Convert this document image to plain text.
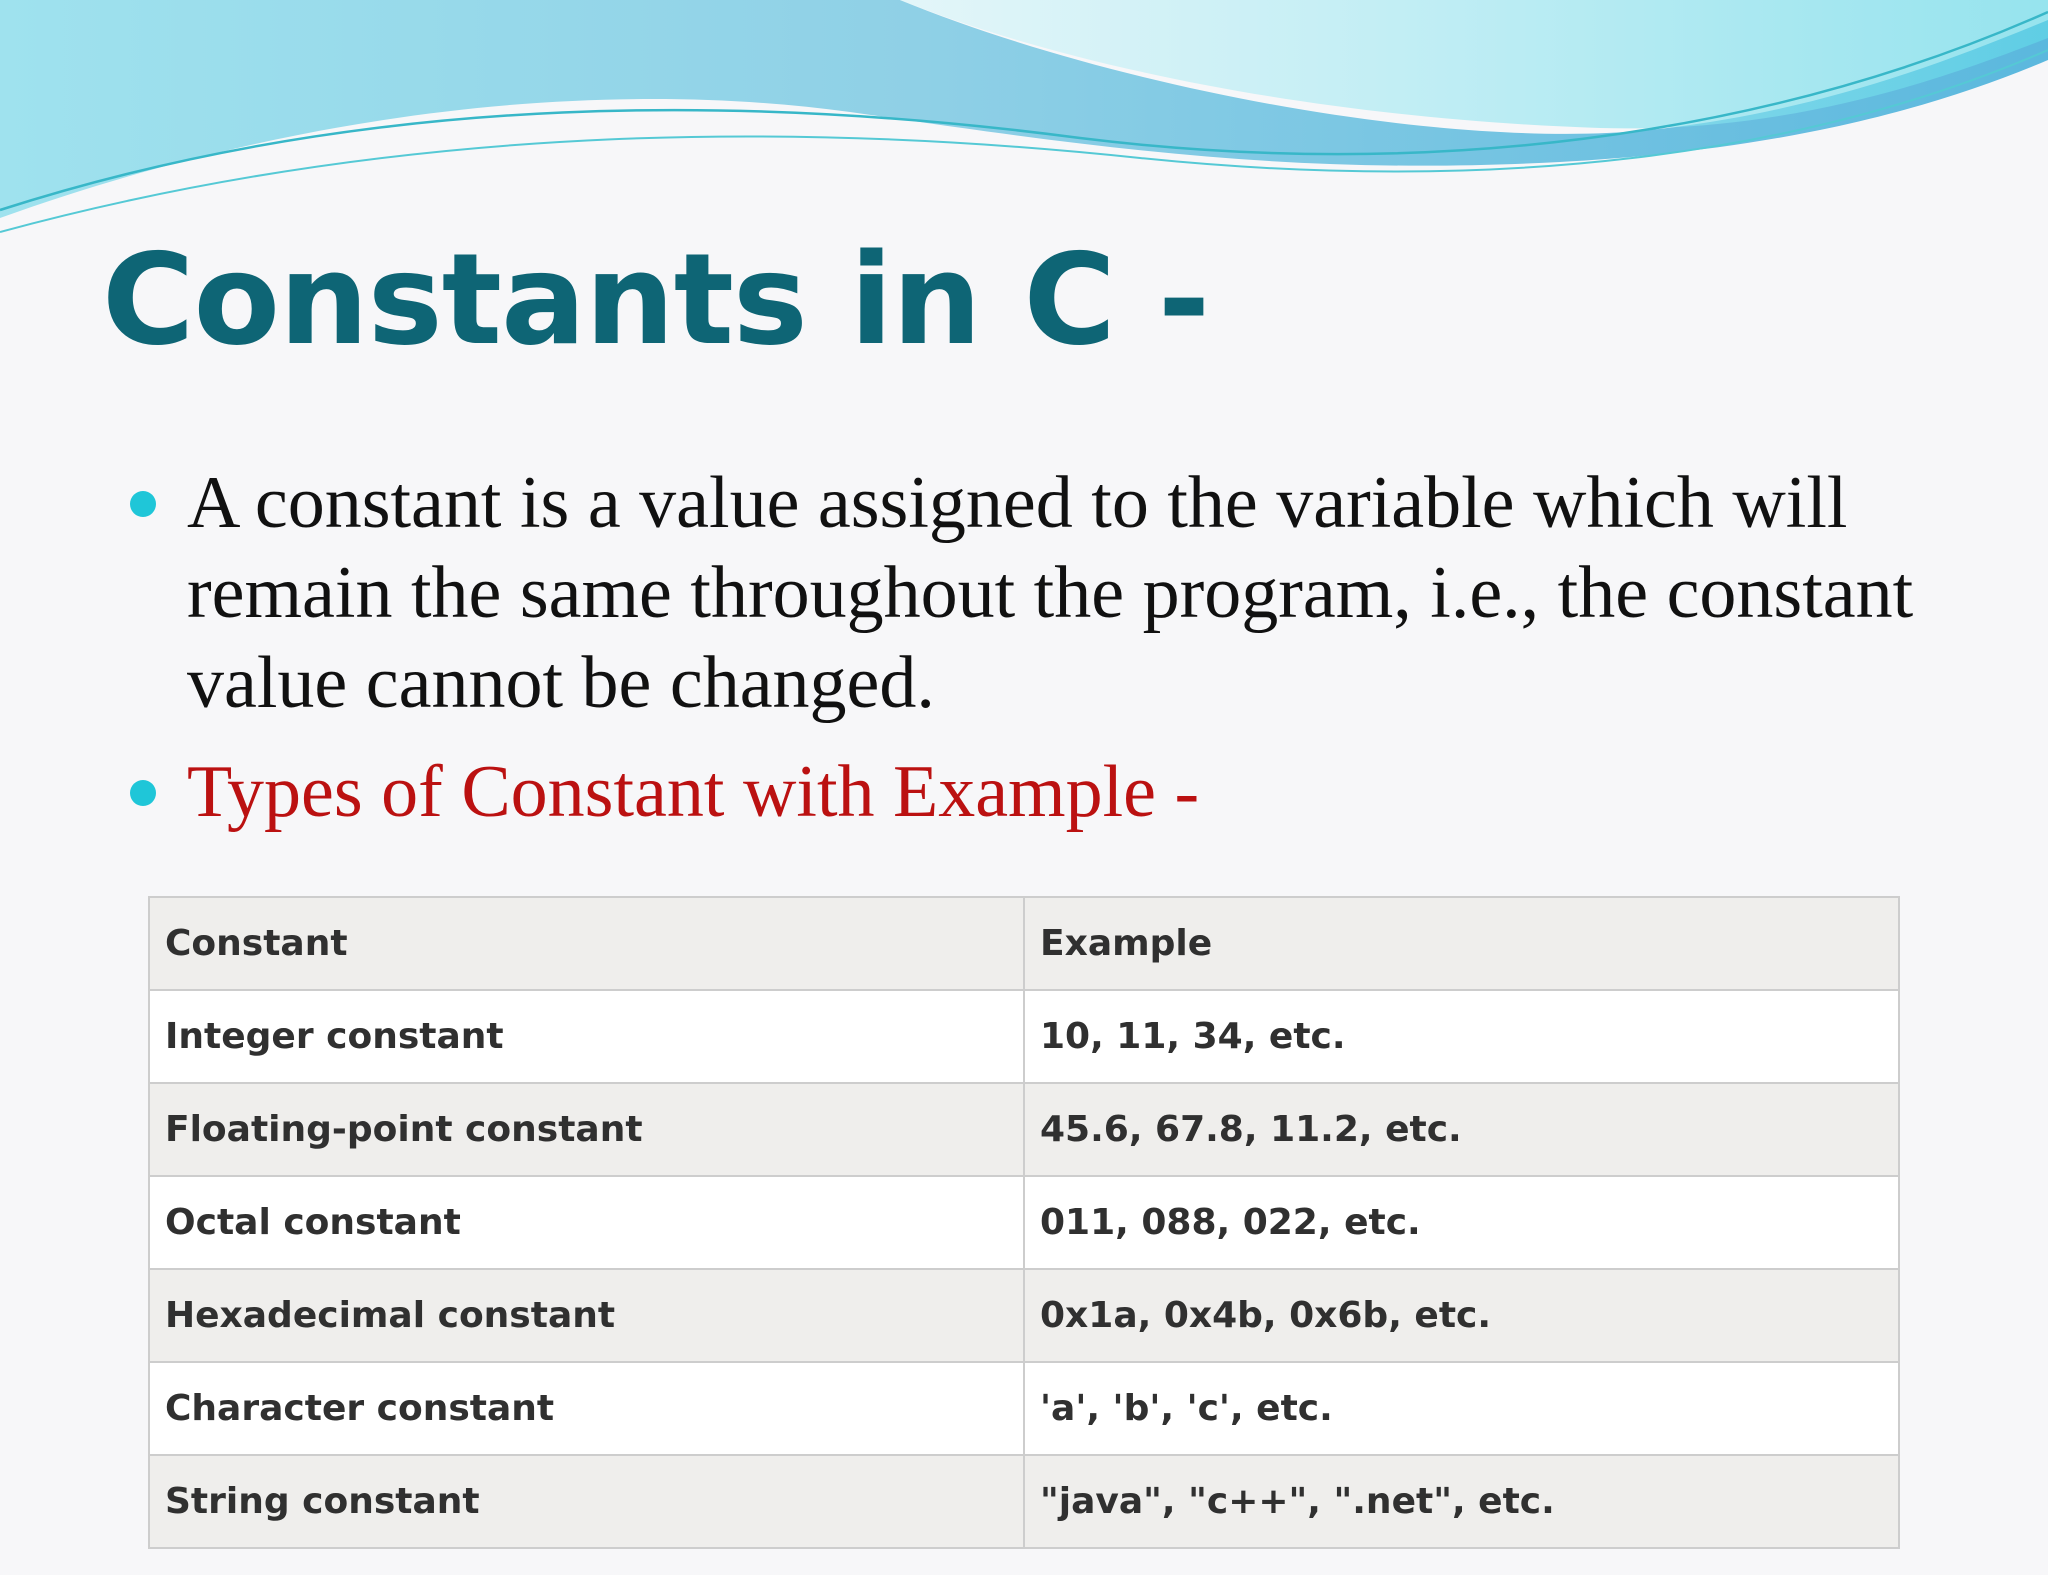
Constants in C -
A constant is a value assigned to the variable which will remain the same throughout the program, i.e., the constant value cannot be changed.
Types of Constant with Example -
Constant	Example
Integer constant	10, 11, 34, etc.
Floating-point constant	45.6, 67.8, 11.2, etc.
Octal constant	011, 088, 022, etc.
Hexadecimal constant	0x1a, 0x4b, 0x6b, etc.
Character constant	'a', 'b', 'c', etc.
String constant	"java", "c++", ".net", etc.
